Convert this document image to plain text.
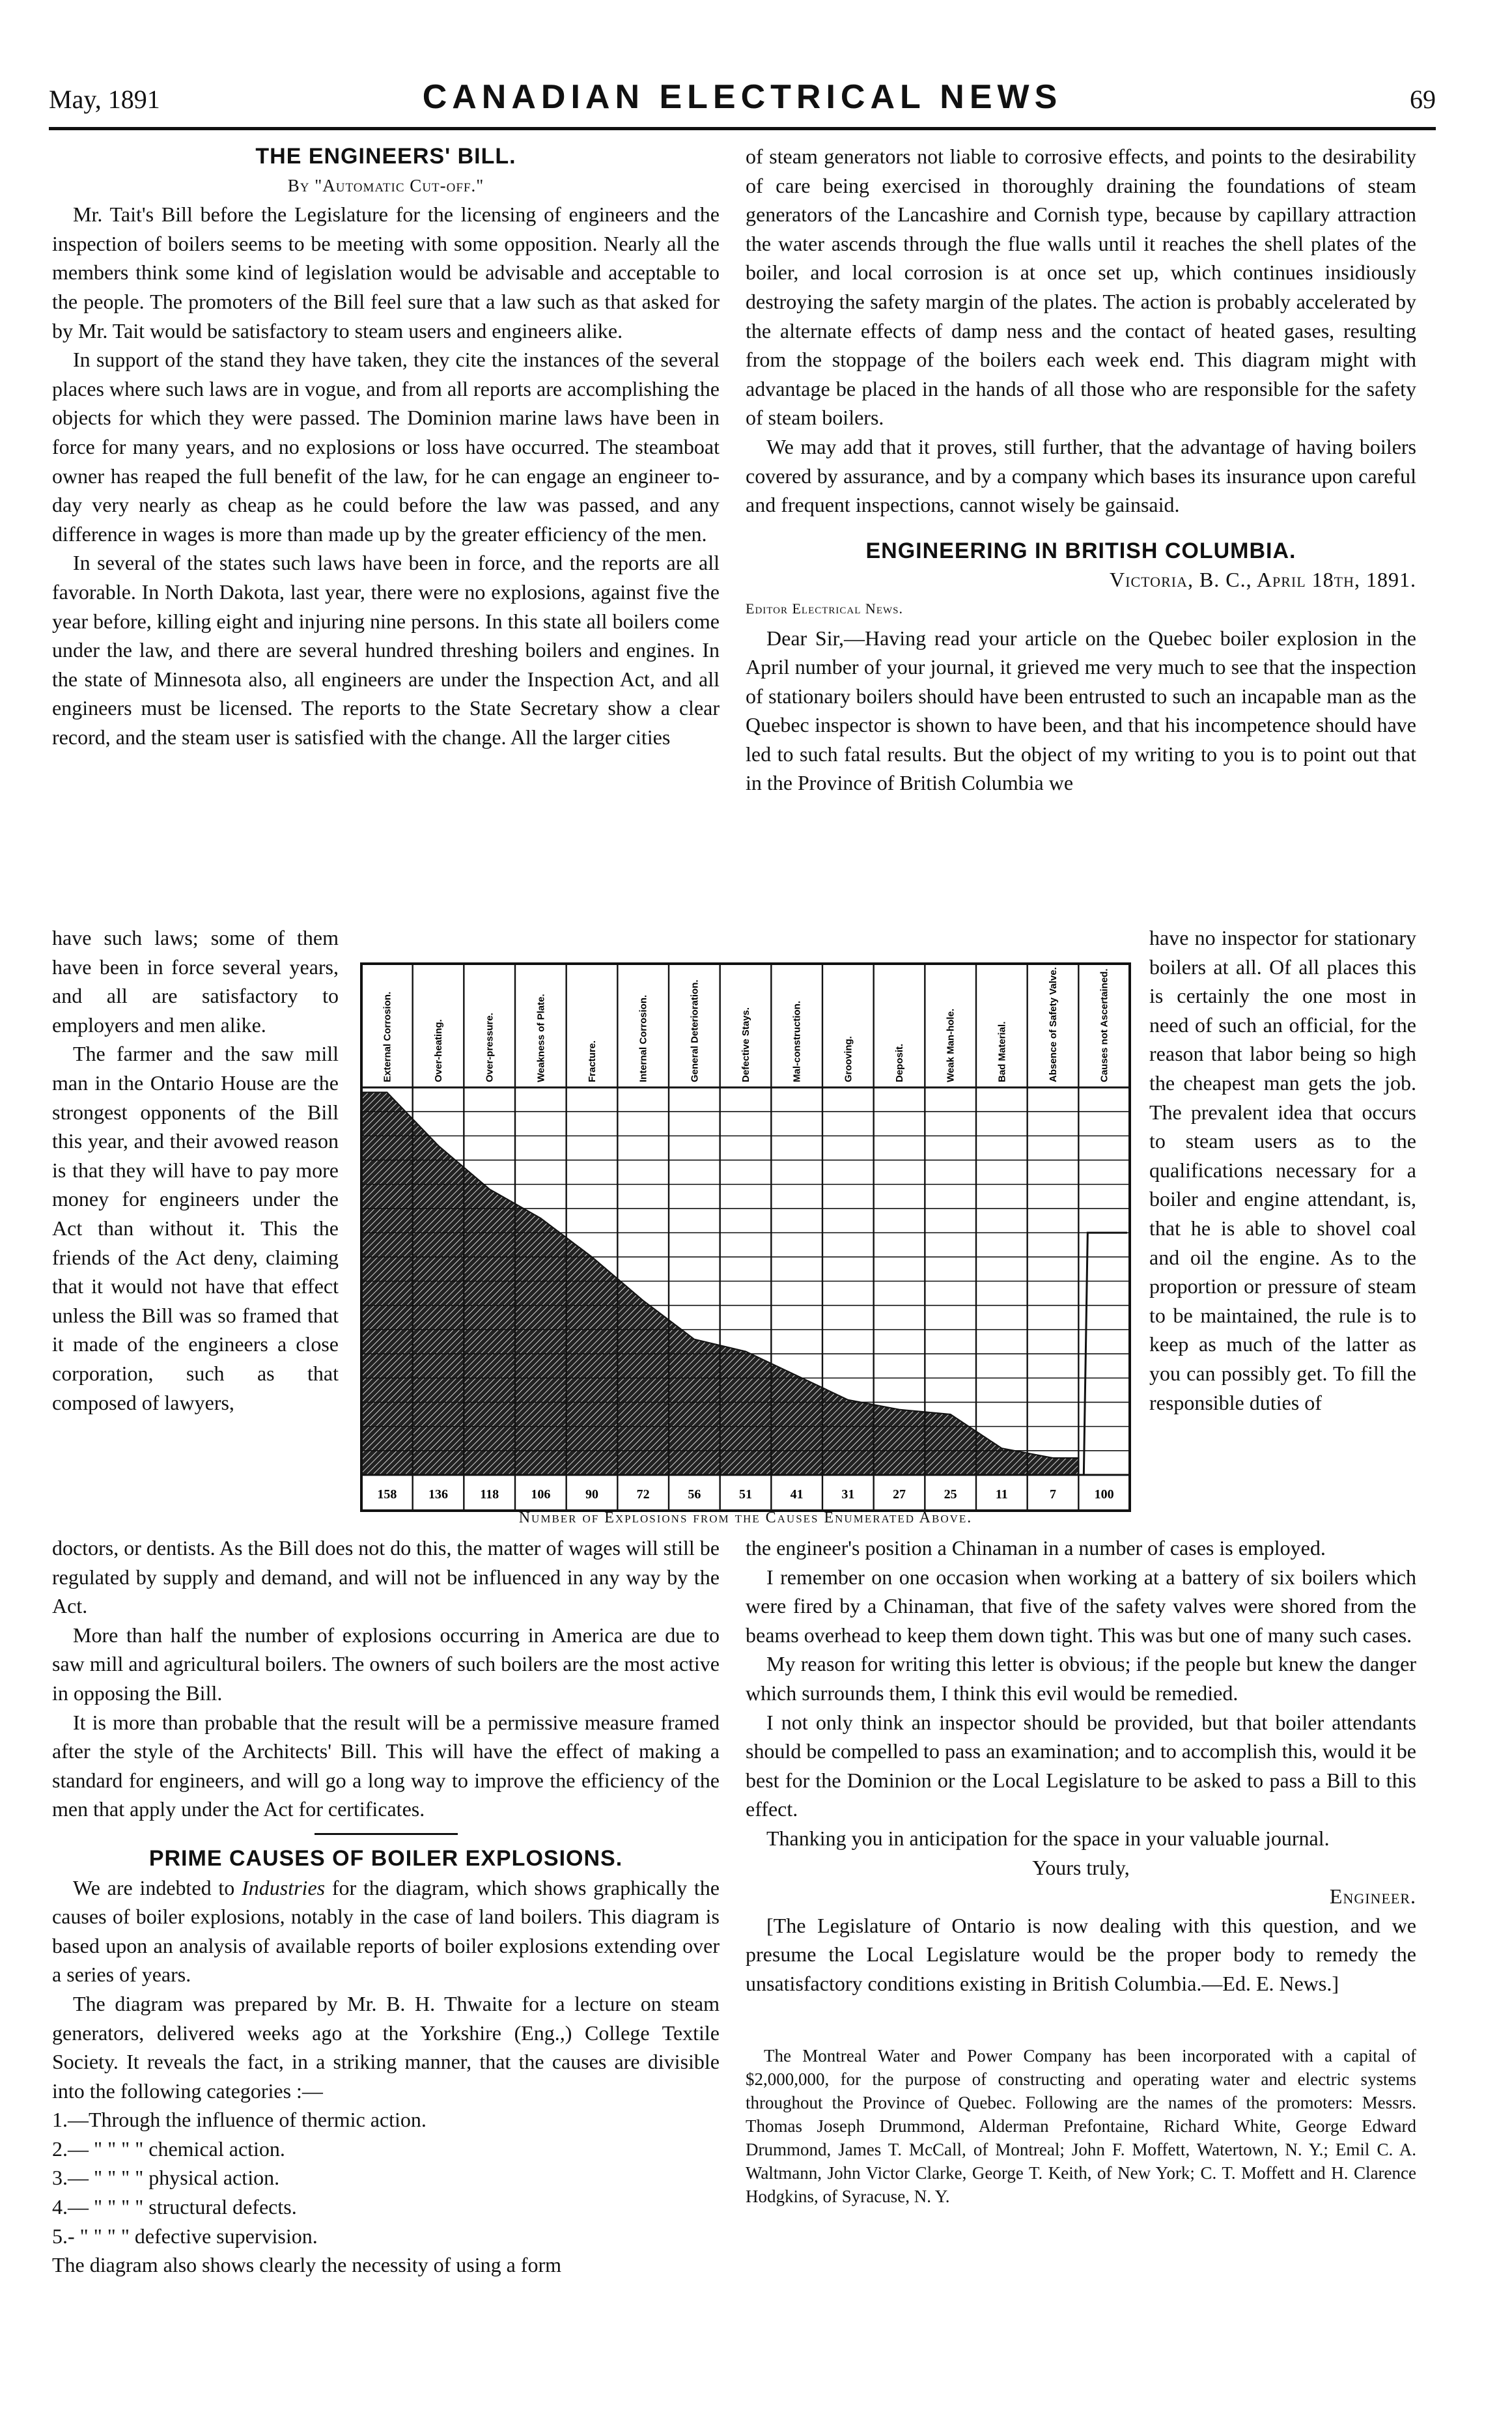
May, 1891	CANADIAN ELECTRICAL NEWS	69
THE ENGINEERS' BILL.
By "Automatic Cut-off."

Mr. Tait's Bill before the Legislature for the licensing of engineers and the inspection of boilers seems to be meeting with some opposition. Nearly all the members think some kind of legislation would be advisable and acceptable to the people. The promoters of the Bill feel sure that a law such as that asked for by Mr. Tait would be satisfactory to steam users and engineers alike.

In support of the stand they have taken, they cite the instances of the several places where such laws are in vogue, and from all reports are accomplishing the objects for which they were passed. The Dominion marine laws have been in force for many years, and no explosions or loss have occurred. The steamboat owner has reaped the full benefit of the law, for he can engage an engineer to-day very nearly as cheap as he could before the law was passed, and any difference in wages is more than made up by the greater efficiency of the men.

In several of the states such laws have been in force, and the reports are all favorable. In North Dakota, last year, there were no explosions, against five the year before, killing eight and injuring nine persons. In this state all boilers come under the law, and there are several hundred threshing boilers and engines. In the state of Minnesota also, all engineers are under the Inspection Act, and all engineers must be licensed. The reports to the State Secretary show a clear record, and the steam user is satisfied with the change. All the larger cities

have such laws; some of them have been in force several years, and all are satisfactory to employers and men alike.

The farmer and the saw mill man in the Ontario House are the strongest opponents of the Bill this year, and their avowed reason is that they will have to pay more money for engineers under the Act than without it. This the friends of the Act deny, claiming that it would not have that effect unless the Bill was so framed that it made of the engineers a close corporation, such as that composed of lawyers,

doctors, or dentists. As the Bill does not do this, the matter of wages will still be regulated by supply and demand, and will not be influenced in any way by the Act.

More than half the number of explosions occurring in America are due to saw mill and agricultural boilers. The owners of such boilers are the most active in opposing the Bill.

It is more than probable that the result will be a permissive measure framed after the style of the Architects' Bill. This will have the effect of making a standard for engineers, and will go a long way to improve the efficiency of the men that apply under the Act for certificates.

PRIME CAUSES OF BOILER EXPLOSIONS.

We are indebted to Industries for the diagram, which shows graphically the causes of boiler explosions, notably in the case of land boilers. This diagram is based upon an analysis of available reports of boiler explosions extending over a series of years.

The diagram was prepared by Mr. B. H. Thwaite for a lecture on steam generators, delivered weeks ago at the Yorkshire (Eng.,) College Textile Society. It reveals the fact, in a striking manner, that the causes are divisible into the following categories :—

1.—Through the influence of thermic action.
2.— " " " " chemical action.
3.— " " " " physical action.
4.— " " " " structural defects.
5.- " " " " defective supervision.

The diagram also shows clearly the necessity of using a form

of steam generators not liable to corrosive effects, and points to the desirability of care being exercised in thoroughly draining the foundations of steam generators of the Lancashire and Cornish type, because by capillary attraction the water ascends through the flue walls until it reaches the shell plates of the boiler, and local corrosion is at once set up, which continues insidiously destroying the safety margin of the plates. The action is probably accelerated by the alternate effects of damp ness and the contact of heated gases, resulting from the stoppage of the boilers each week end. This diagram might with advantage be placed in the hands of all those who are responsible for the safety of steam boilers.

We may add that it proves, still further, that the advantage of having boilers covered by assurance, and by a company which bases its insurance upon careful and frequent inspections, cannot wisely be gainsaid.

ENGINEERING IN BRITISH COLUMBIA.
Victoria, B. C., April 18th, 1891.
Editor Electrical News.

Dear Sir,—Having read your article on the Quebec boiler explosion in the April number of your journal, it grieved me very much to see that the inspection of stationary boilers should have been entrusted to such an incapable man as the Quebec inspector is shown to have been, and that his incompetence should have led to such fatal results. But the object of my writing to you is to point out that in the Province of British Columbia we

have no inspector for stationary boilers at all. Of all places this is certainly the one most in need of such an official, for the reason that labor being so high the cheapest man gets the job. The prevalent idea that occurs to steam users as to the qualifications necessary for a boiler and engine attendant, is, that he is able to shovel coal and oil the engine. As to the proportion or pressure of steam to be maintained, the rule is to keep as much of the latter as you can possibly get. To fill the responsible duties of

the engineer's position a Chinaman in a number of cases is employed.

I remember on one occasion when working at a battery of six boilers which were fired by a Chinaman, that five of the safety valves were shored from the beams overhead to keep them down tight. This was but one of many such cases.

My reason for writing this letter is obvious; if the people but knew the danger which surrounds them, I think this evil would be remedied.

I not only think an inspector should be provided, but that boiler attendants should be compelled to pass an examination; and to accomplish this, would it be best for the Dominion or the Local Legislature to be asked to pass a Bill to this effect.

Thanking you in anticipation for the space in your valuable journal.

Yours truly,
Engineer.

[The Legislature of Ontario is now dealing with this question, and we presume the Local Legislature would be the proper body to remedy the unsatisfactory conditions existing in British Columbia.—Ed. E. News.]

The Montreal Water and Power Company has been incorporated with a capital of $2,000,000, for the purpose of constructing and operating water and electric systems throughout the Province of Quebec. Following are the names of the promoters: Messrs. Thomas Joseph Drummond, Alderman Prefontaine, Richard White, George Edward Drummond, James T. McCall, of Montreal; John F. Moffett, Watertown, N. Y.; Emil C. A. Waltmann, John Victor Clarke, George T. Keith, of New York; C. T. Moffett and H. Clarence Hodgkins, of Syracuse, N. Y.

External Corrosion.	Over-heating.	Over-pressure.	Weakness of Plate.	Fracture.	Internal Corrosion.	General Deterioration.	Defective Stays.	Mal-construction.	Grooving.	Deposit.	Weak Man-hole.	Bad Material.	Absence of Safety Valve.	Causes not Ascertained.
158 136 118 106	90	72	56	51	41	31	27	25	11	7	100
Number of Explosions from the Causes Enumerated Above.
